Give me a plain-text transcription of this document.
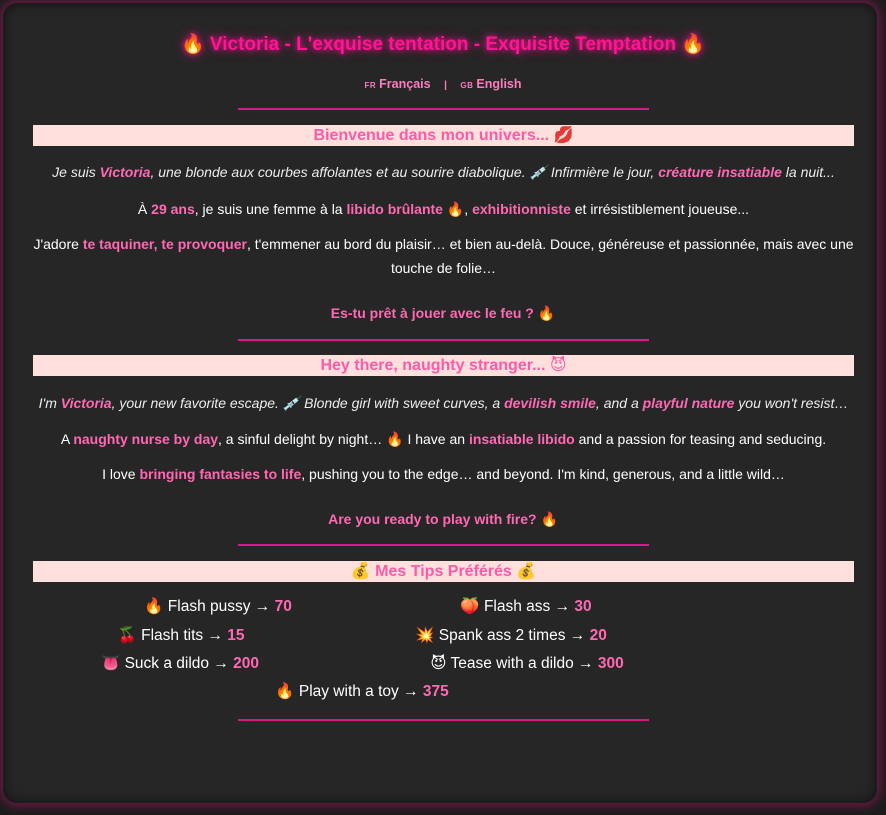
🔥 Victoria - L'exquise tentation - Exquisite Temptation 🔥
FR Français | GB English
Bienvenue dans mon univers... 💋
Je suis Victoria, une blonde aux courbes affolantes et au sourire diabolique. 💉 Infirmière le jour, créature insatiable la nuit...
À 29 ans, je suis une femme à la libido brûlante 🔥, exhibitionniste et irrésistiblement joueuse...
J'adore te taquiner, te provoquer, t'emmener au bord du plaisir… et bien au-delà. Douce, généreuse et passionnée, mais avec une touche de folie…
Es-tu prêt à jouer avec le feu ? 🔥
Hey there, naughty stranger... 😈
I'm Victoria, your new favorite escape. 💉 Blonde girl with sweet curves, a devilish smile, and a playful nature you won't resist…
A naughty nurse by day, a sinful delight by night… 🔥 I have an insatiable libido and a passion for teasing and seducing.
I love bringing fantasies to life, pushing you to the edge… and beyond. I'm kind, generous, and a little wild…
Are you ready to play with fire? 🔥
💰 Mes Tips Préférés 💰
🔥 Flash pussy → 70	🍑 Flash ass → 30
🍒 Flash tits → 15	💥 Spank ass 2 times → 20
👅 Suck a dildo → 200	😈 Tease with a dildo → 300
🔥 Play with a toy → 375
